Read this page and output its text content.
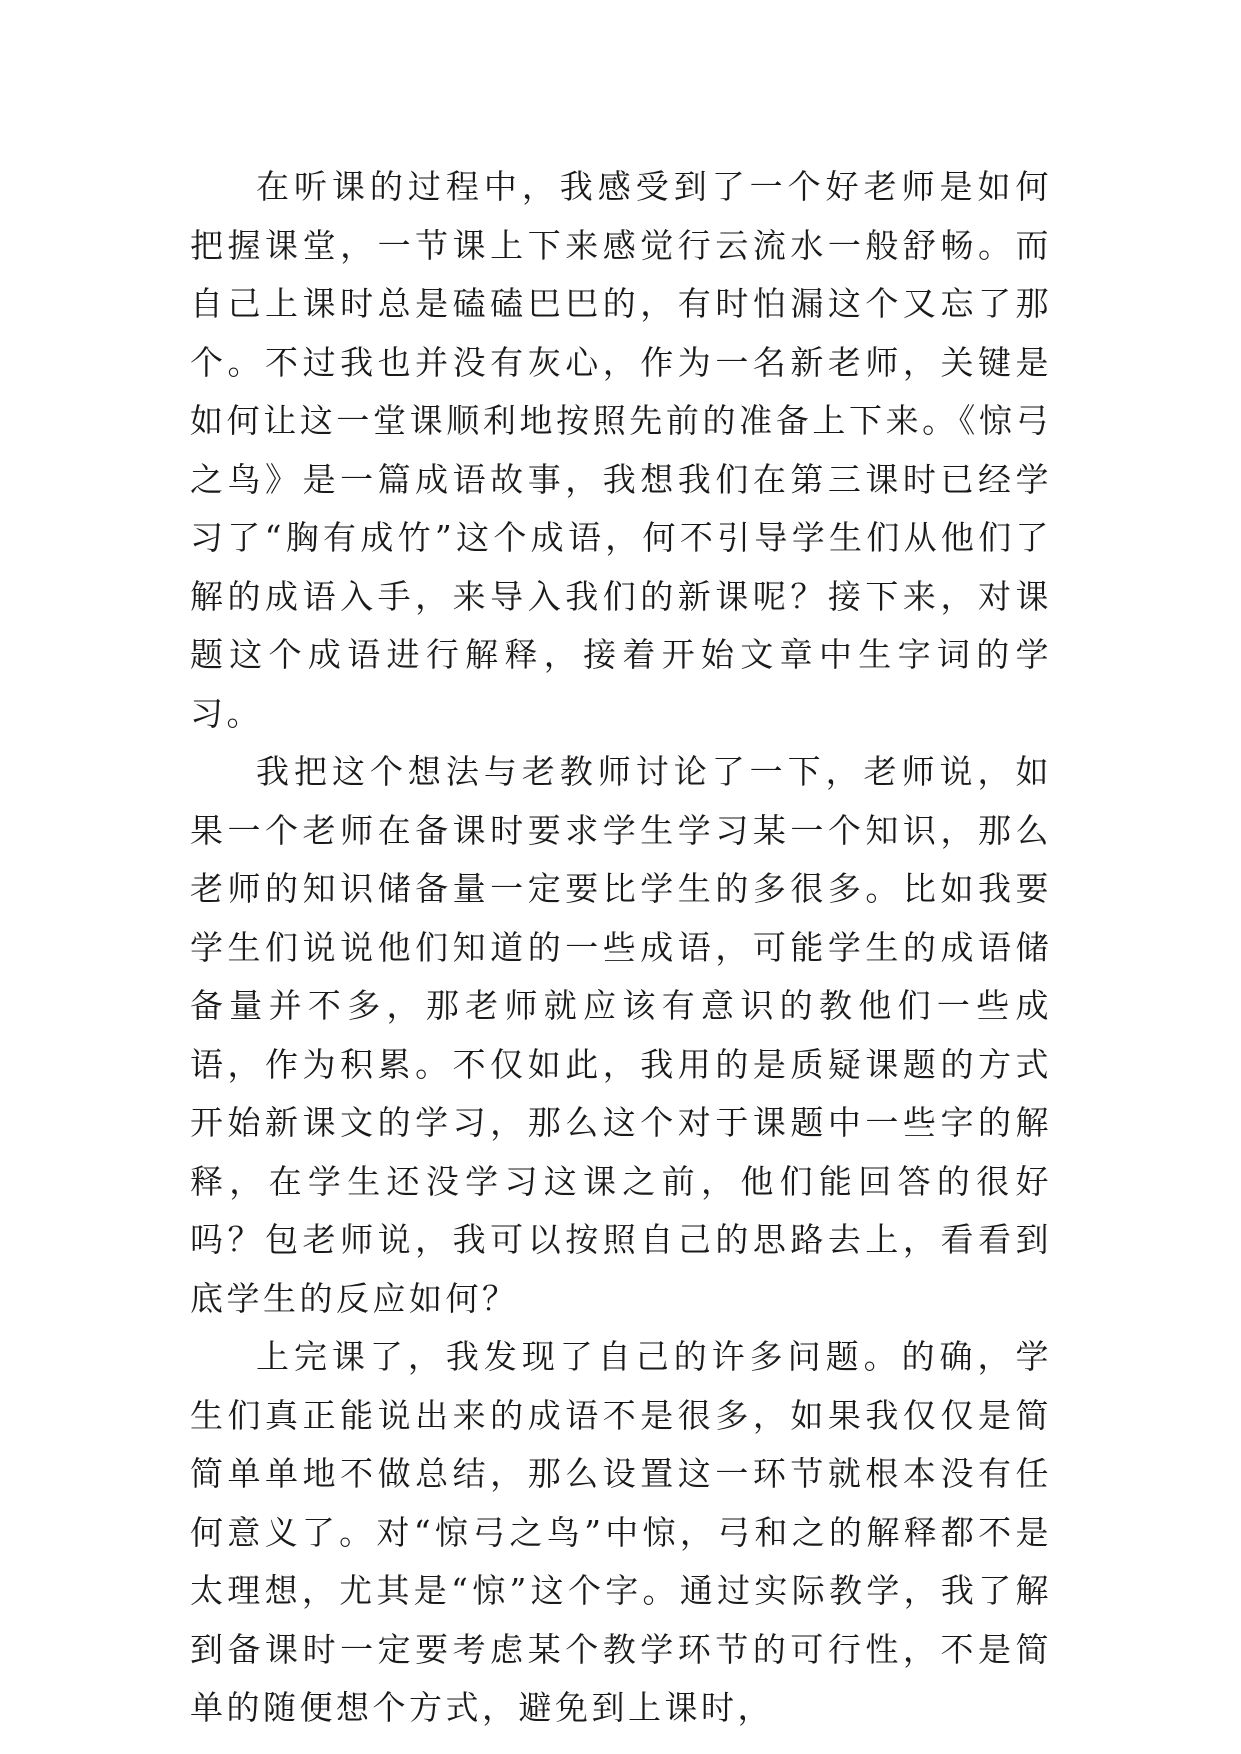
在听课的过程中，我感受到了一个好老师是如何把握课堂，一节课上下来感觉行云流水一般舒畅。而自己上课时总是磕磕巴巴的，有时怕漏这个又忘了那个。不过我也并没有灰心，作为一名新老师，关键是如何让这一堂课顺利地按照先前的准备上下来。《惊弓之鸟》是一篇成语故事，我想我们在第三课时已经学习了“胸有成竹”这个成语，何不引导学生们从他们了解的成语入手，来导入我们的新课呢？接下来，对课题这个成语进行解释，接着开始文章中生字词的学习。

我把这个想法与老教师讨论了一下，老师说，如果一个老师在备课时要求学生学习某一个知识，那么老师的知识储备量一定要比学生的多很多。比如我要学生们说说他们知道的一些成语，可能学生的成语储备量并不多，那老师就应该有意识的教他们一些成语，作为积累。不仅如此，我用的是质疑课题的方式开始新课文的学习，那么这个对于课题中一些字的解释，在学生还没学习这课之前，他们能回答的很好吗？包老师说，我可以按照自己的思路去上，看看到底学生的反应如何？

上完课了，我发现了自己的许多问题。的确，学生们真正能说出来的成语不是很多，如果我仅仅是简简单单地不做总结，那么设置这一环节就根本没有任何意义了。对“惊弓之鸟”中惊，弓和之的解释都不是太理想，尤其是“惊”这个字。通过实际教学，我了解到备课时一定要考虑某个教学环节的可行性，不是简单的随便想个方式，避免到上课时，
